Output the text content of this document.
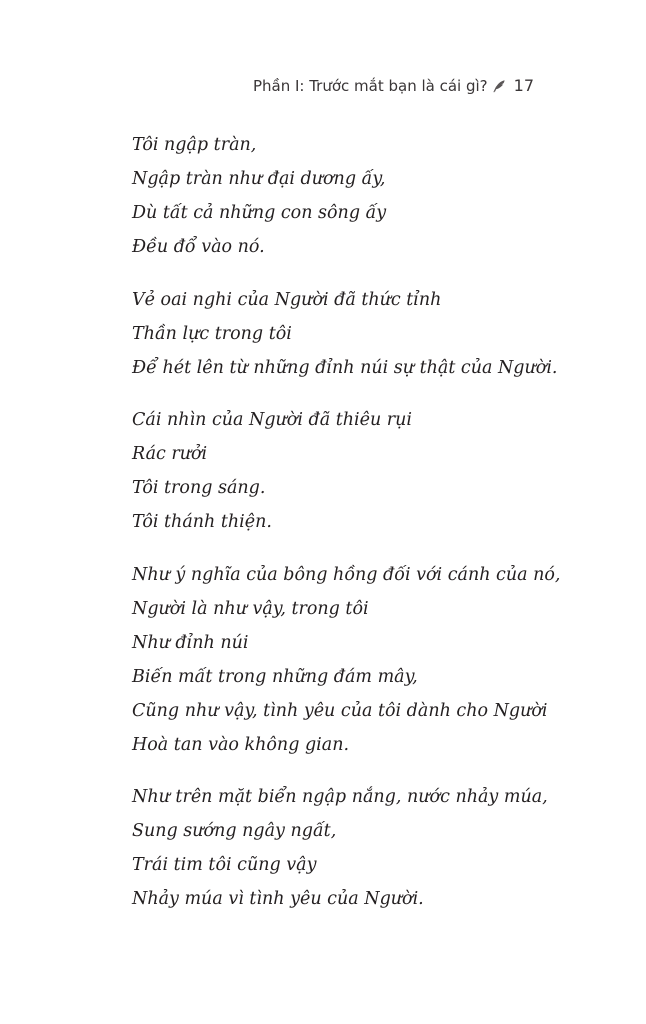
Phần I: Trước mắt bạn là cái gì? 17
Tôi ngập tràn,
Ngập tràn như đại dương ấy,
Dù tất cả những con sông ấy
Đều đổ vào nó.
Vẻ oai nghi của Người đã thức tỉnh
Thần lực trong tôi
Để hét lên từ những đỉnh núi sự thật của Người.
Cái nhìn của Người đã thiêu rụi
Rác rưởi
Tôi trong sáng.
Tôi thánh thiện.
Như ý nghĩa của bông hồng đối với cánh của nó,
Người là như vậy, trong tôi
Như đỉnh núi
Biến mất trong những đám mây,
Cũng như vậy, tình yêu của tôi dành cho Người
Hoà tan vào không gian.
Như trên mặt biển ngập nắng, nước nhảy múa,
Sung sướng ngây ngất,
Trái tim tôi cũng vậy
Nhảy múa vì tình yêu của Người.
